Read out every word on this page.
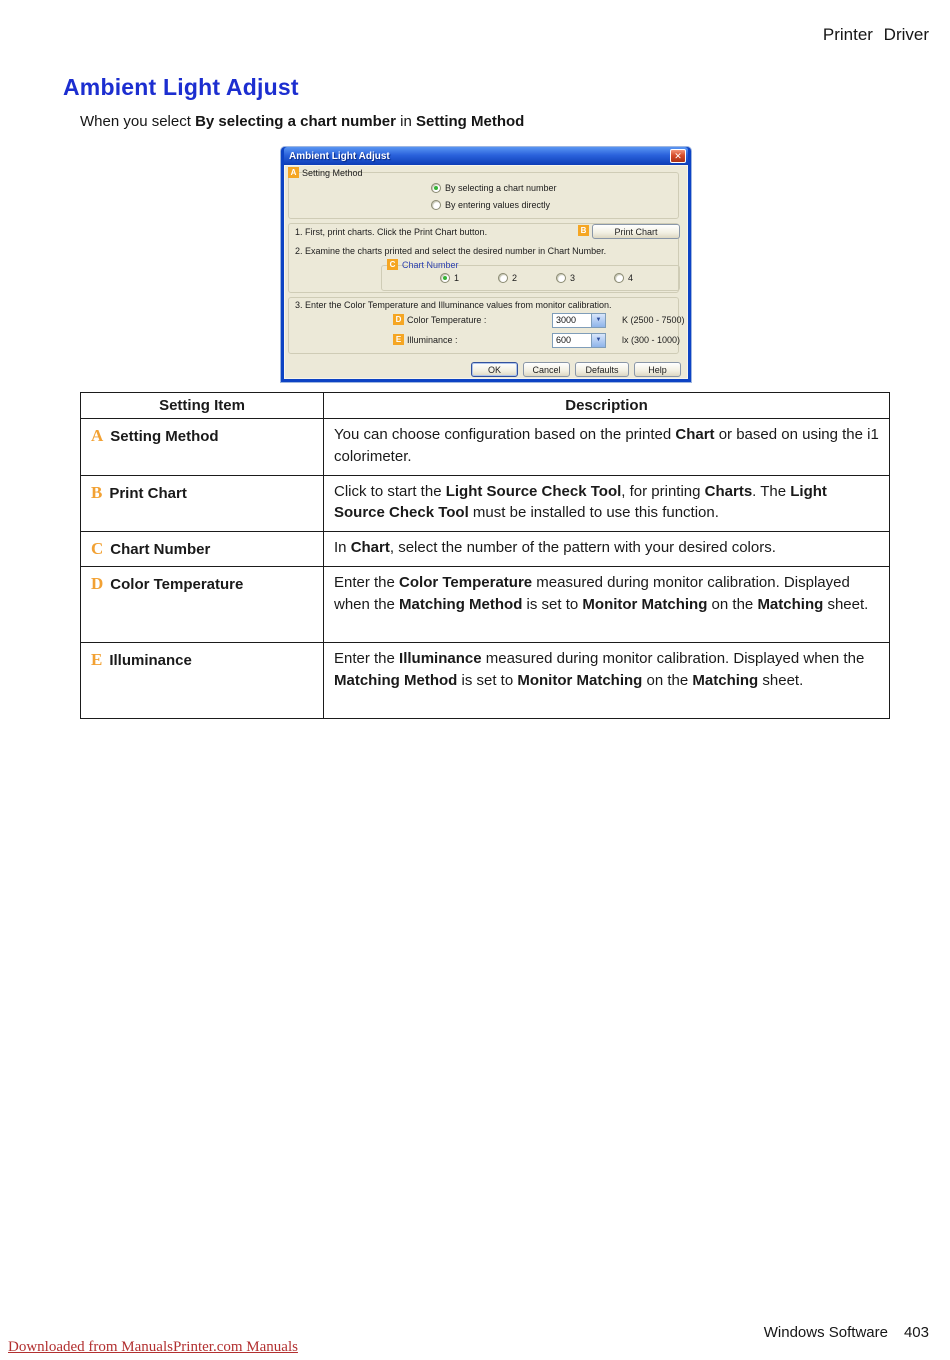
Printer Driver
Ambient Light Adjust

When you select By selecting a chart number in Setting Method

Ambient Light Adjust	✕
A Setting Method
By selecting a chart number
By entering values directly
1. First, print charts. Click the Print Chart button.	B	Print Chart
2. Examine the charts printed and select the desired number in Chart Number.
C Chart Number
1	2	3	4
3. Enter the Color Temperature and Illuminance values from monitor calibration.
D Color Temperature :	3000	▼	K (2500 - 7500)
E Illuminance :	600	▼	lx (300 - 1000)
OK	Cancel	Defaults	Help
Setting Item	Description
A Setting Method	You can choose configuration based on the printed Chart or based on using the i1 colorimeter.
B Print Chart	Click to start the Light Source Check Tool, for printing Charts. The Light Source Check Tool must be installed to use this function.
C Chart Number	In Chart, select the number of the pattern with your desired colors.
D Color Temperature	Enter the Color Temperature measured during monitor calibration. Displayed when the Matching Method is set to Monitor Matching on the Matching sheet.
E Illuminance	Enter the Illuminance measured during monitor calibration. Displayed when the Matching Method is set to Monitor Matching on the Matching sheet.
Windows Software 403
Downloaded from ManualsPrinter.com Manuals
